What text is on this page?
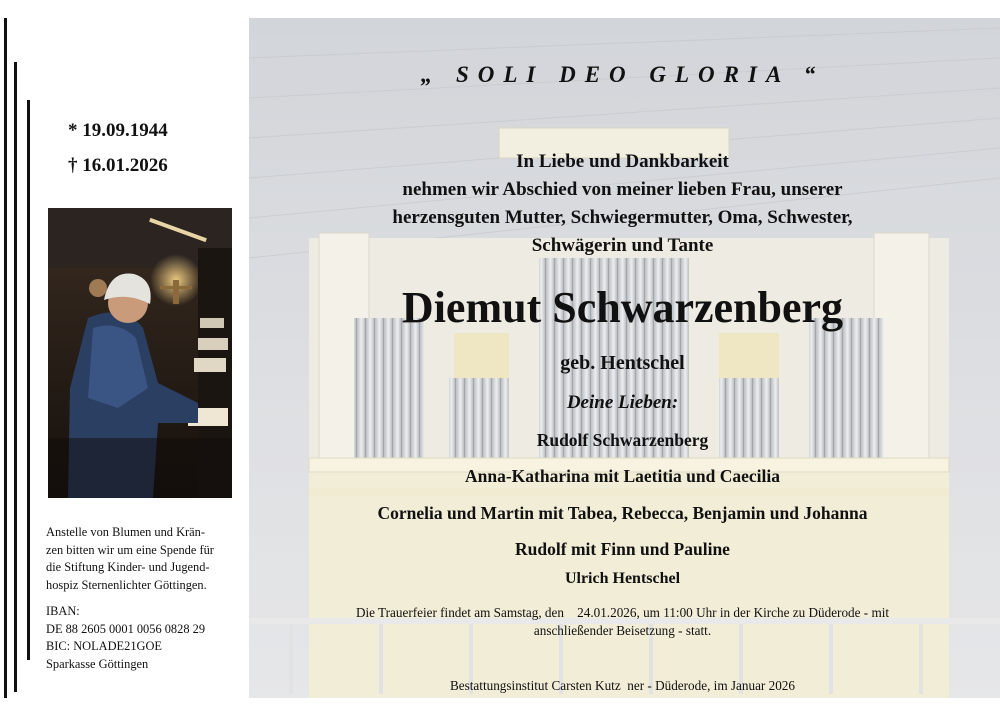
* 19.09.1944
† 16.01.2026
Anstelle von Blumen und Krän-
zen bitten wir um eine Spende für
die Stiftung Kinder- und Jugend-
hospiz Sternenlichter Göttingen.
IBAN:
DE 88 2605 0001 0056 0828 29
BIC: NOLADE21GOE
Sparkasse Göttingen
„ SOLI DEO GLORIA “
In Liebe und Dankbarkeit
nehmen wir Abschied von meiner lieben Frau, unserer
herzensguten Mutter, Schwiegermutter, Oma, Schwester,
Schwägerin und Tante
Diemut Schwarzenberg
geb. Hentschel
Deine Lieben:
Rudolf Schwarzenberg
Anna-Katharina mit Laetitia und Caecilia
Cornelia und Martin mit Tabea, Rebecca, Benjamin und Johanna
Rudolf mit Finn und Pauline
Ulrich Hentschel
Die Trauerfeier findet am Samstag, den    24.01.2026, um 11:00 Uhr in der Kirche zu Düderode - mit
anschließender Beisetzung - statt.
Bestattungsinstitut Carsten Kutz  ner - Düderode, im Januar 2026
